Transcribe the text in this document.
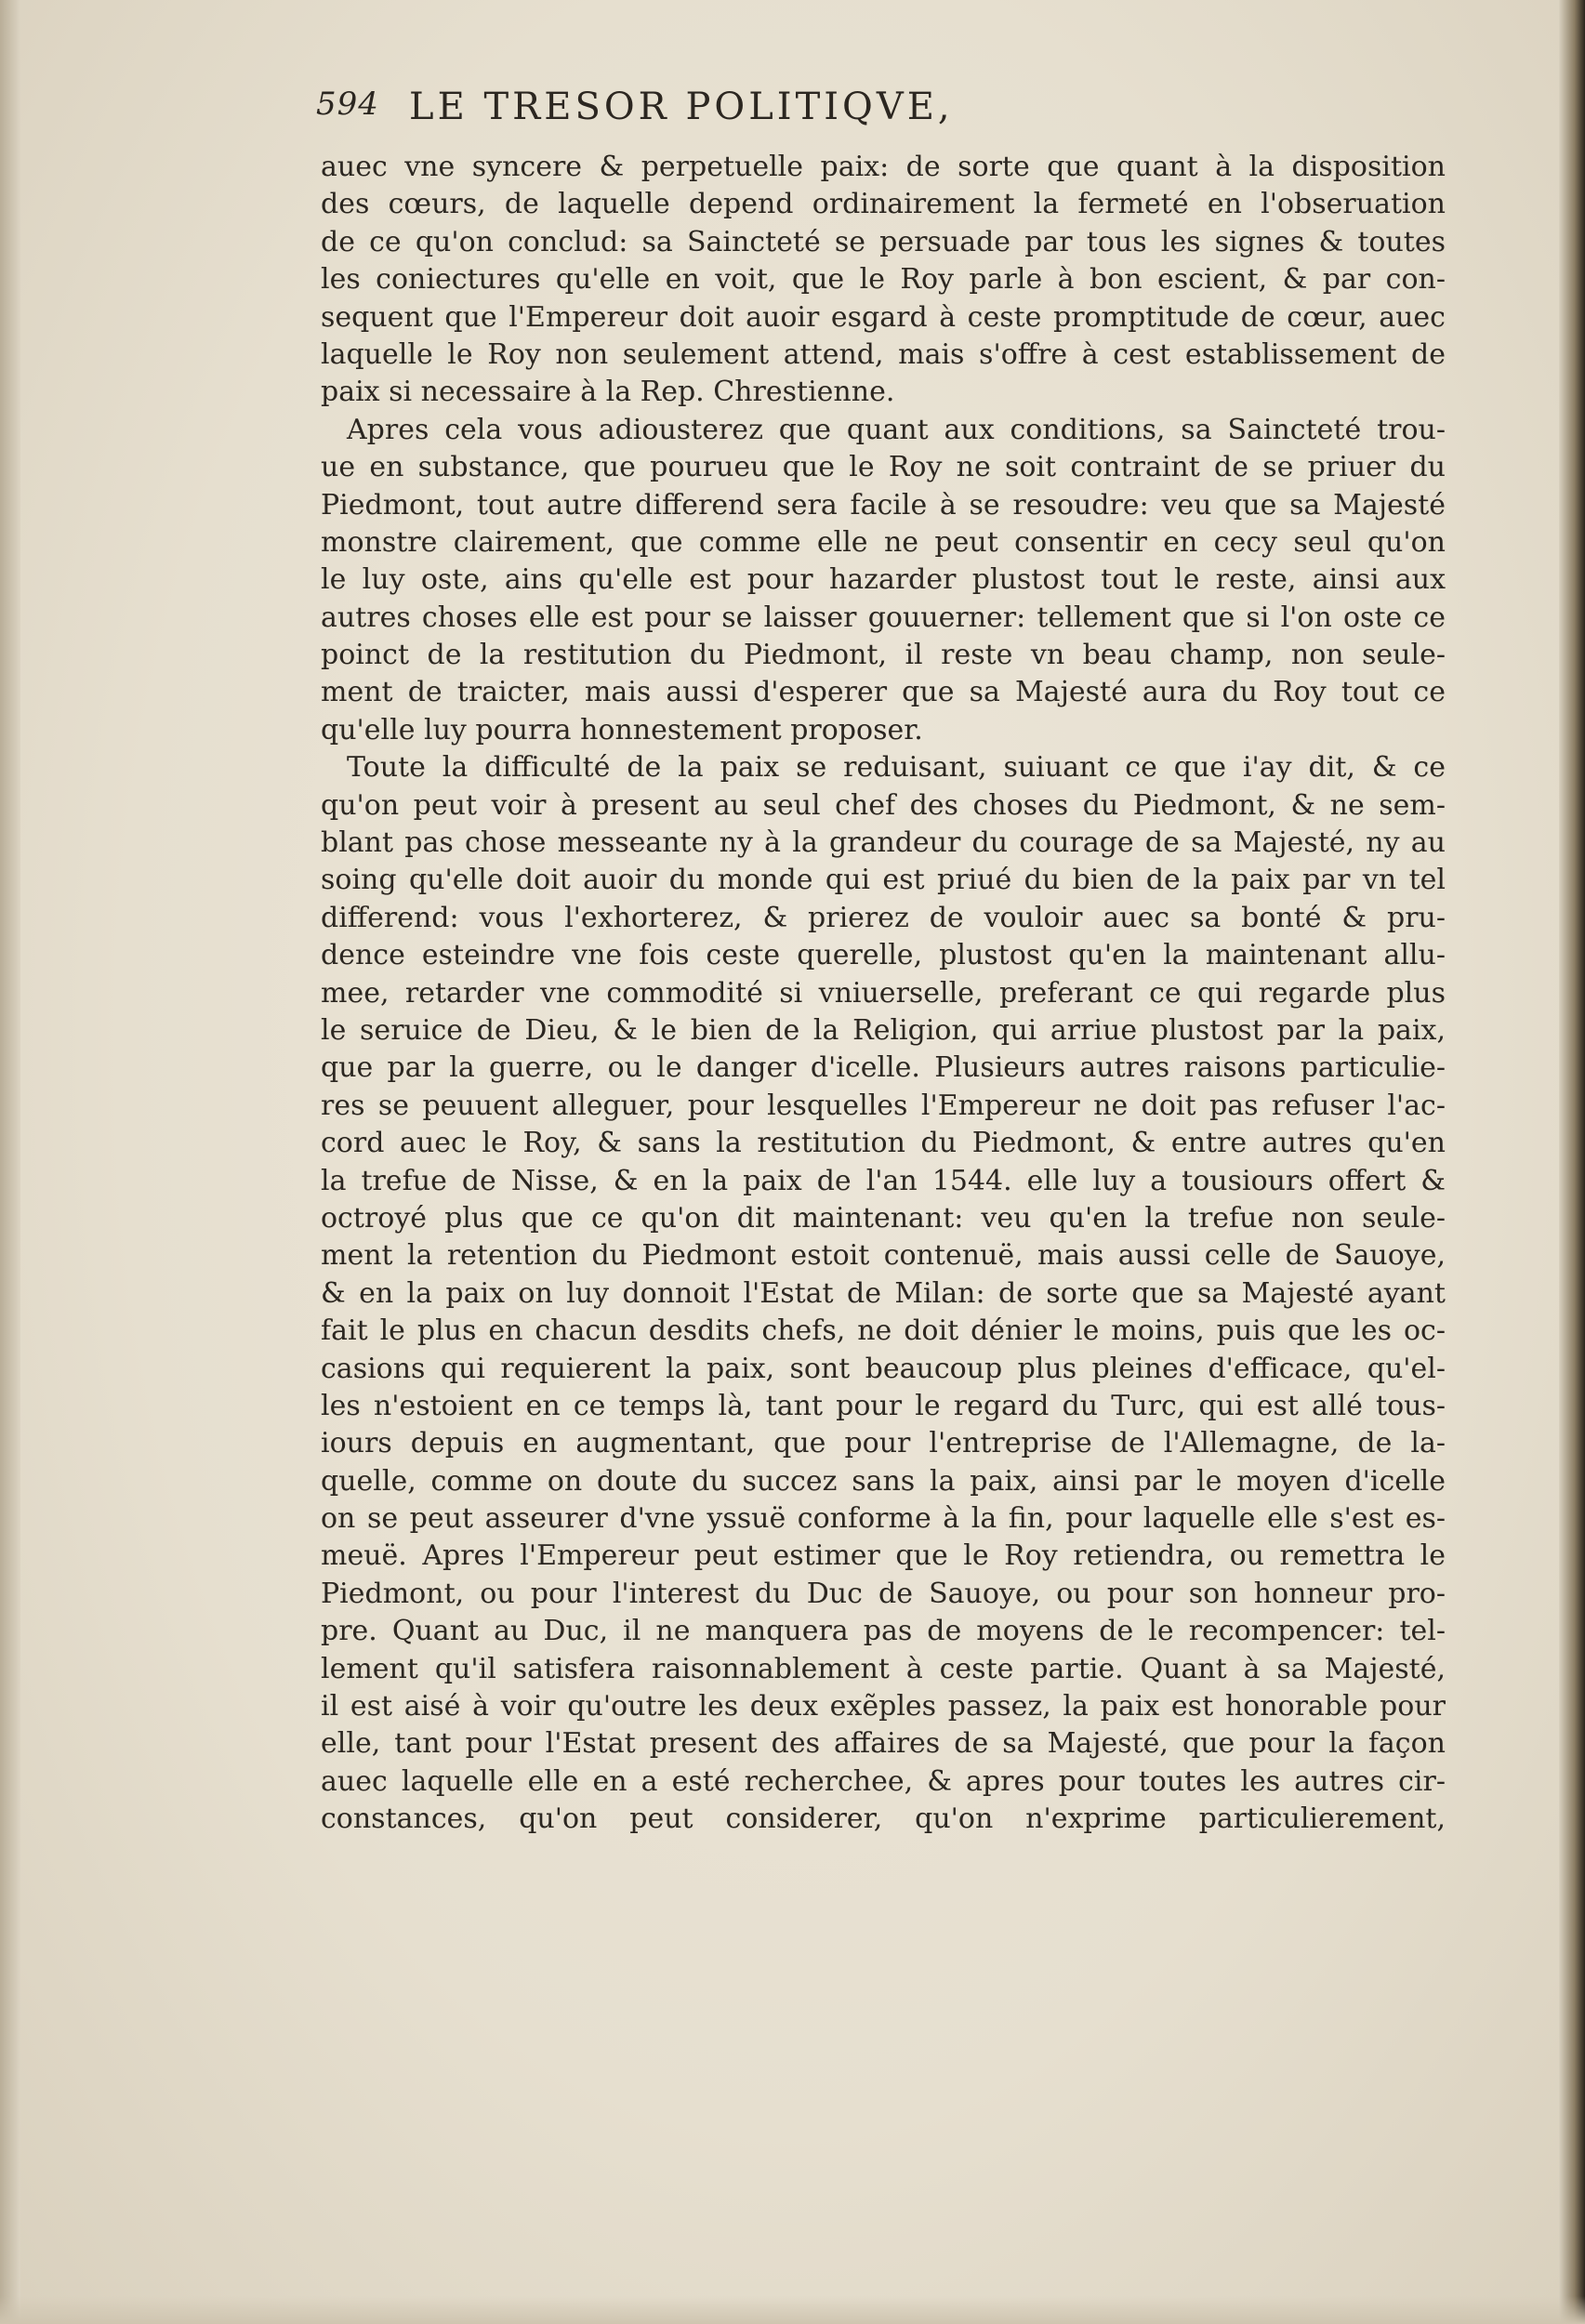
594 LE TRESOR POLITIQVE,
auec vne syncere & perpetuelle paix: de sorte que quant à la disposition
des cœurs, de laquelle depend ordinairement la fermeté en l'obseruation
de ce qu'on conclud: sa Saincteté se persuade par tous les signes & toutes
les coniectures qu'elle en voit, que le Roy parle à bon escient, & par con-
sequent que l'Empereur doit auoir esgard à ceste promptitude de cœur, auec
laquelle le Roy non seulement attend, mais s'offre à cest establissement de
paix si necessaire à la Rep. Chrestienne.
Apres cela vous adiousterez que quant aux conditions, sa Saincteté trou-
ue en substance, que pourueu que le Roy ne soit contraint de se priuer du
Piedmont, tout autre differend sera facile à se resoudre: veu que sa Majesté
monstre clairement, que comme elle ne peut consentir en cecy seul qu'on
le luy oste, ains qu'elle est pour hazarder plustost tout le reste, ainsi aux
autres choses elle est pour se laisser gouuerner: tellement que si l'on oste ce
poinct de la restitution du Piedmont, il reste vn beau champ, non seule-
ment de traicter, mais aussi d'esperer que sa Majesté aura du Roy tout ce
qu'elle luy pourra honnestement proposer.
Toute la difficulté de la paix se reduisant, suiuant ce que i'ay dit, & ce
qu'on peut voir à present au seul chef des choses du Piedmont, & ne sem-
blant pas chose messeante ny à la grandeur du courage de sa Majesté, ny au
soing qu'elle doit auoir du monde qui est priué du bien de la paix par vn tel
differend: vous l'exhorterez, & prierez de vouloir auec sa bonté & pru-
dence esteindre vne fois ceste querelle, plustost qu'en la maintenant allu-
mee, retarder vne commodité si vniuerselle, preferant ce qui regarde plus
le seruice de Dieu, & le bien de la Religion, qui arriue plustost par la paix,
que par la guerre, ou le danger d'icelle. Plusieurs autres raisons particulie-
res se peuuent alleguer, pour lesquelles l'Empereur ne doit pas refuser l'ac-
cord auec le Roy, & sans la restitution du Piedmont, & entre autres qu'en
la trefue de Nisse, & en la paix de l'an 1544. elle luy a tousiours offert &
octroyé plus que ce qu'on dit maintenant: veu qu'en la trefue non seule-
ment la retention du Piedmont estoit contenuë, mais aussi celle de Sauoye,
& en la paix on luy donnoit l'Estat de Milan: de sorte que sa Majesté ayant
fait le plus en chacun desdits chefs, ne doit dénier le moins, puis que les oc-
casions qui requierent la paix, sont beaucoup plus pleines d'efficace, qu'el-
les n'estoient en ce temps là, tant pour le regard du Turc, qui est allé tous-
iours depuis en augmentant, que pour l'entreprise de l'Allemagne, de la-
quelle, comme on doute du succez sans la paix, ainsi par le moyen d'icelle
on se peut asseurer d'vne yssuë conforme à la fin, pour laquelle elle s'est es-
meuë. Apres l'Empereur peut estimer que le Roy retiendra, ou remettra le
Piedmont, ou pour l'interest du Duc de Sauoye, ou pour son honneur pro-
pre. Quant au Duc, il ne manquera pas de moyens de le recompencer: tel-
lement qu'il satisfera raisonnablement à ceste partie. Quant à sa Majesté,
il est aisé à voir qu'outre les deux exẽples passez, la paix est honorable pour
elle, tant pour l'Estat present des affaires de sa Majesté, que pour la façon
auec laquelle elle en a esté recherchee, & apres pour toutes les autres cir-
constances, qu'on peut considerer, qu'on n'exprime particulierement,
